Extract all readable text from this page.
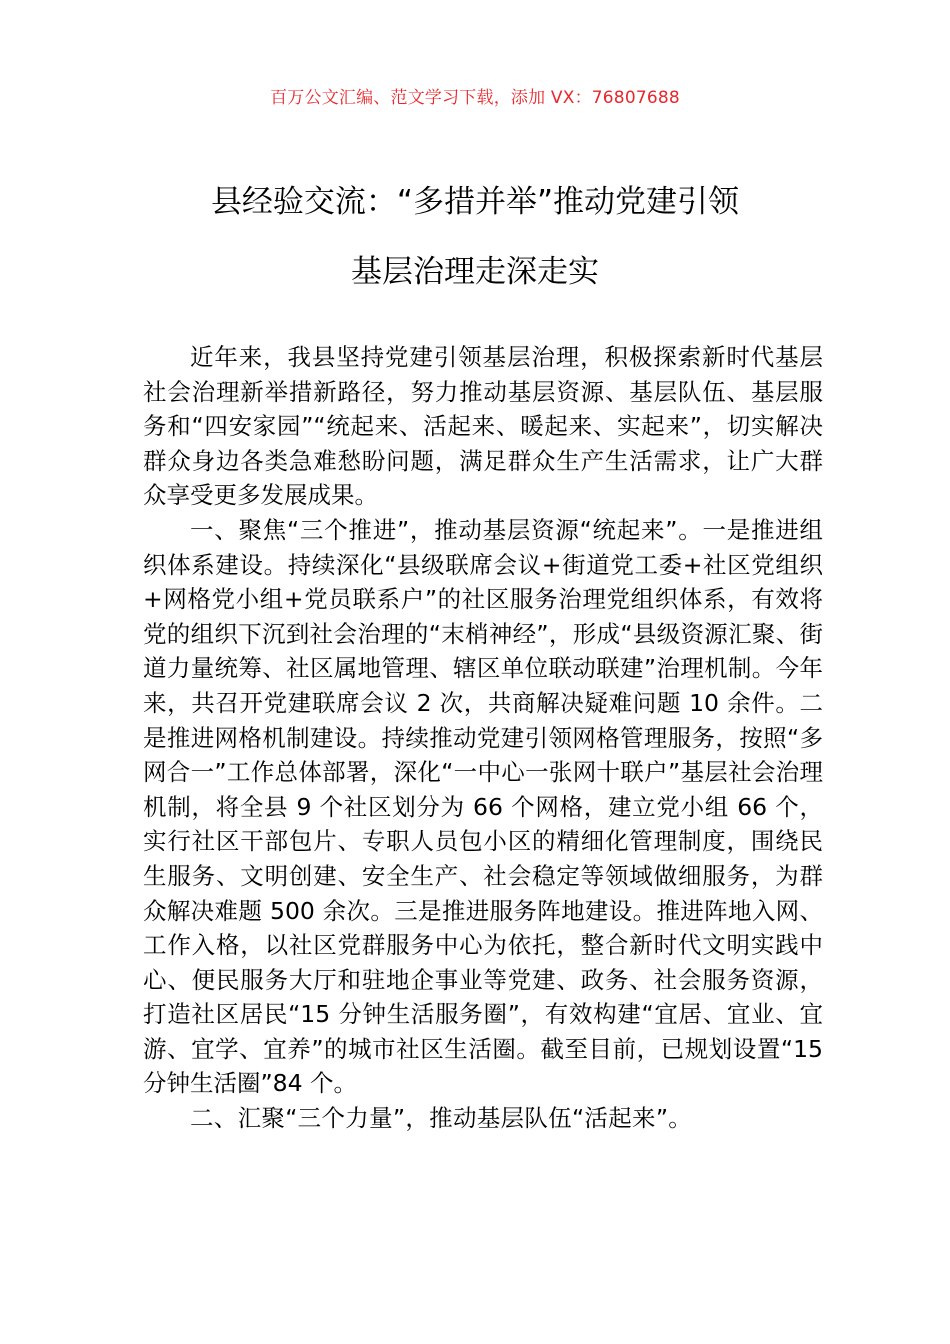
百万公文汇编、范文学习下载，添加 VX：76807688
县经验交流：“多措并举”推动党建引领
基层治理走深走实

近年来，我县坚持党建引领基层治理，积极探索新时代基层社会治理新举措新路径，努力推动基层资源、基层队伍、基层服务和“四安家园”“统起来、活起来、暖起来、实起来”，切实解决群众身边各类急难愁盼问题，满足群众生产生活需求，让广大群众享受更多发展成果。

一、聚焦“三个推进”，推动基层资源“统起来”。一是推进组织体系建设。持续深化“县级联席会议+街道党工委+社区党组织+网格党小组+党员联系户”的社区服务治理党组织体系，有效将党的组织下沉到社会治理的“末梢神经”，形成“县级资源汇聚、街道力量统筹、社区属地管理、辖区单位联动联建”治理机制。今年来，共召开党建联席会议 2 次，共商解决疑难问题 10 余件。二是推进网格机制建设。持续推动党建引领网格管理服务，按照“多网合一”工作总体部署，深化“一中心一张网十联户”基层社会治理机制，将全县 9 个社区划分为 66 个网格，建立党小组 66 个，实行社区干部包片、专职人员包小区的精细化管理制度，围绕民生服务、文明创建、安全生产、社会稳定等领域做细服务，为群众解决难题 500 余次。三是推进服务阵地建设。推进阵地入网、工作入格，以社区党群服务中心为依托，整合新时代文明实践中心、便民服务大厅和驻地企事业等党建、政务、社会服务资源，打造社区居民“15 分钟生活服务圈”，有效构建“宜居、宜业、宜游、宜学、宜养”的城市社区生活圈。截至目前，已规划设置“15 分钟生活圈”84 个。

二、汇聚“三个力量”，推动基层队伍“活起来”。
